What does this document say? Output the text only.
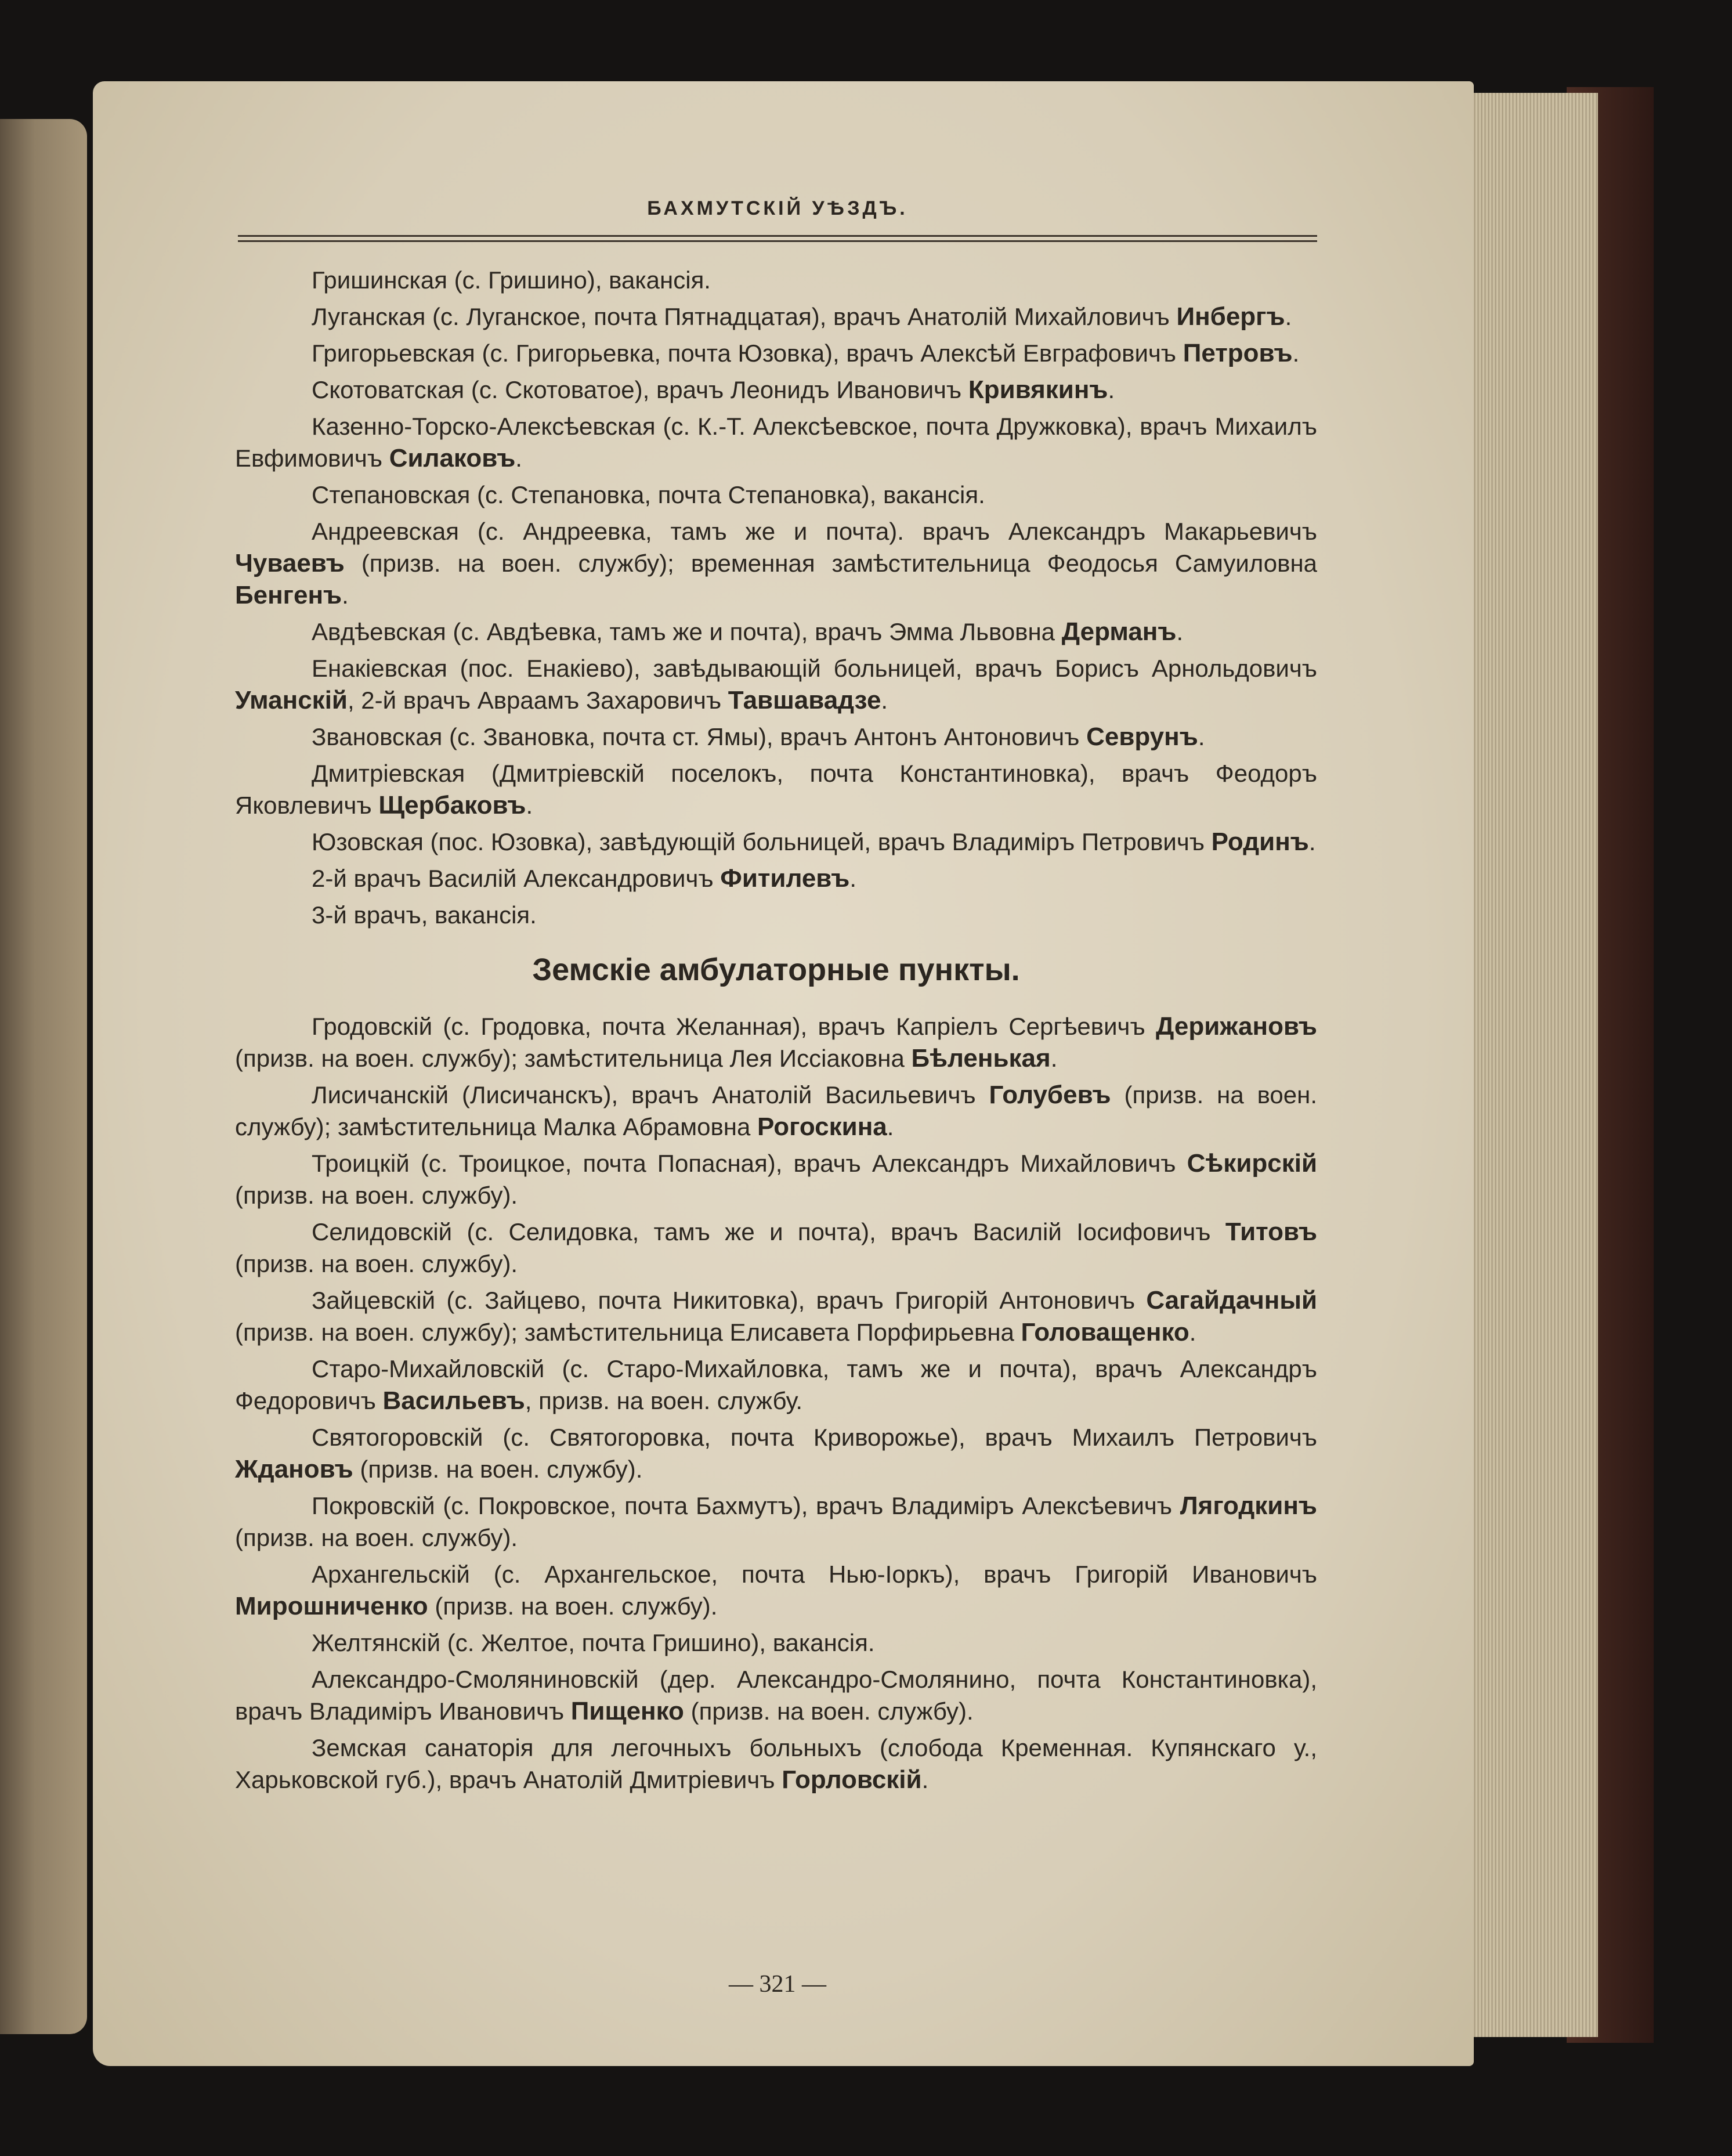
БАХМУТСКІЙ УѢЗДЪ.

Гришинская (с. Гришино), вакансія.

Луганская (с. Луганское, почта Пятнадцатая), врачъ Анатолій Михайловичъ Инбергъ.

Григорьевская (с. Григорьевка, почта Юзовка), врачъ Алексѣй Евграфовичъ Петровъ.

Скотоватская (с. Скотоватое), врачъ Леонидъ Ивановичъ Кривякинъ.

Казенно-Торско-Алексѣевская (с. К.-Т. Алексѣевское, почта Дружковка), врачъ Михаилъ Евфимовичъ Силаковъ.

Степановская (с. Степановка, почта Степановка), вакансія.

Андреевская (с. Андреевка, тамъ же и почта). врачъ Александръ Макарьевичъ Чуваевъ (призв. на воен. службу); временная замѣстительница Феодосья Самуиловна Бенгенъ.

Авдѣевская (с. Авдѣевка, тамъ же и почта), врачъ Эмма Львовна Дерманъ.

Енакіевская (пос. Енакіево), завѣдывающій больницей, врачъ Борисъ Арнольдовичъ Уманскій, 2-й врачъ Авраамъ Захаровичъ Тавшавадзе.

Звановская (с. Звановка, почта ст. Ямы), врачъ Антонъ Антоновичъ Севрунъ.

Дмитріевская (Дмитріевскій поселокъ, почта Константиновка), врачъ Феодоръ Яковлевичъ Щербаковъ.

Юзовская (пос. Юзовка), завѣдующій больницей, врачъ Владиміръ Петровичъ Родинъ.

2-й врачъ Василій Александровичъ Фитилевъ.

3-й врачъ, вакансія.

Земскіе амбулаторные пункты.

Гродовскій (с. Гродовка, почта Желанная), врачъ Капріелъ Сергѣевичъ Дерижановъ (призв. на воен. службу); замѣстительница Лея Иссіаковна Бѣленькая.

Лисичанскій (Лисичанскъ), врачъ Анатолій Васильевичъ Голубевъ (призв. на воен. службу); замѣстительница Малка Абрамовна Рогоскина.

Троицкій (с. Троицкое, почта Попасная), врачъ Александръ Михайловичъ Сѣкирскій (призв. на воен. службу).

Селидовскій (с. Селидовка, тамъ же и почта), врачъ Василій Іосифовичъ Титовъ (призв. на воен. службу).

Зайцевскій (с. Зайцево, почта Никитовка), врачъ Григорій Антоновичъ Сагайдачный (призв. на воен. службу); замѣстительница Елисавета Порфирьевна Головащенко.

Старо-Михайловскій (с. Старо-Михайловка, тамъ же и почта), врачъ Александръ Федоровичъ Васильевъ, призв. на воен. службу.

Святогоровскій (с. Святогоровка, почта Криворожье), врачъ Михаилъ Петровичъ Ждановъ (призв. на воен. службу).

Покровскій (с. Покровское, почта Бахмутъ), врачъ Владиміръ Алексѣевичъ Лягодкинъ (призв. на воен. службу).

Архангельскій (с. Архангельское, почта Нью-Іоркъ), врачъ Григорій Ивановичъ Мирошниченко (призв. на воен. службу).

Желтянскій (с. Желтое, почта Гришино), вакансія.

Александро-Смоляниновскій (дер. Александро-Смолянино, почта Константиновка), врачъ Владиміръ Ивановичъ Пищенко (призв. на воен. службу).

Земская санаторія для легочныхъ больныхъ (слобода Кременная. Купянскаго у., Харьковской губ.), врачъ Анатолій Дмитріевичъ Горловскій.

— 321 —
